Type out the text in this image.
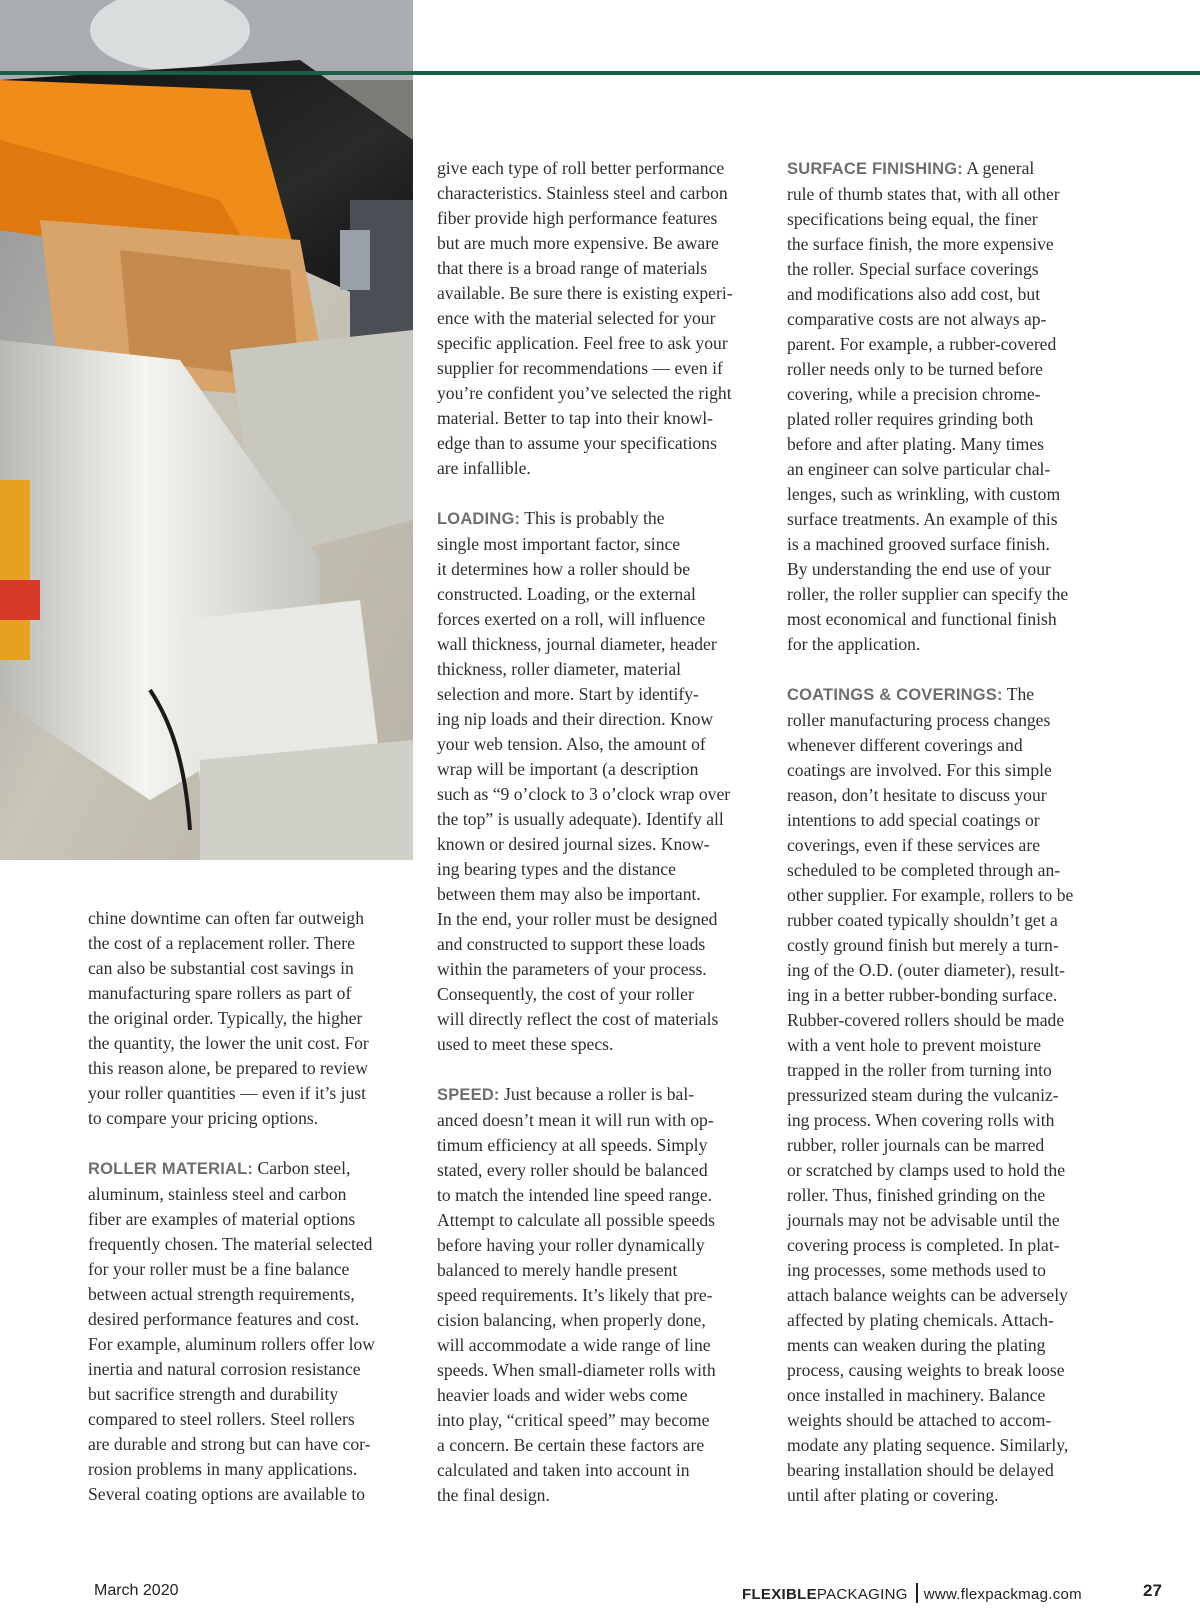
chine downtime can often far outweigh
the cost of a replacement roller. There
can also be substantial cost savings in
manufacturing spare rollers as part of
the original order. Typically, the higher
the quantity, the lower the unit cost. For
this reason alone, be prepared to review
your roller quantities — even if it’s just
to compare your pricing options.

ROLLER MATERIAL: Carbon steel,
aluminum, stainless steel and carbon
fiber are examples of material options
frequently chosen. The material selected
for your roller must be a fine balance
between actual strength requirements,
desired performance features and cost.
For example, aluminum rollers offer low
inertia and natural corrosion resistance
but sacrifice strength and durability
compared to steel rollers. Steel rollers
are durable and strong but can have cor-
rosion problems in many applications.
Several coating options are available to

give each type of roll better performance
characteristics. Stainless steel and carbon
fiber provide high performance features
but are much more expensive. Be aware
that there is a broad range of materials
available. Be sure there is existing experi-
ence with the material selected for your
specific application. Feel free to ask your
supplier for recommendations — even if
you’re confident you’ve selected the right
material. Better to tap into their knowl-
edge than to assume your specifications
are infallible.

LOADING: This is probably the
single most important factor, since
it determines how a roller should be
constructed. Loading, or the external
forces exerted on a roll, will influence
wall thickness, journal diameter, header
thickness, roller diameter, material
selection and more. Start by identify-
ing nip loads and their direction. Know
your web tension. Also, the amount of
wrap will be important (a description
such as “9 o’clock to 3 o’clock wrap over
the top” is usually adequate). Identify all
known or desired journal sizes. Know-
ing bearing types and the distance
between them may also be important.
In the end, your roller must be designed
and constructed to support these loads
within the parameters of your process.
Consequently, the cost of your roller
will directly reflect the cost of materials
used to meet these specs.

SPEED: Just because a roller is bal-
anced doesn’t mean it will run with op-
timum efficiency at all speeds. Simply
stated, every roller should be balanced
to match the intended line speed range.
Attempt to calculate all possible speeds
before having your roller dynamically
balanced to merely handle present
speed requirements. It’s likely that pre-
cision balancing, when properly done,
will accommodate a wide range of line
speeds. When small-diameter rolls with
heavier loads and wider webs come
into play, “critical speed” may become
a concern. Be certain these factors are
calculated and taken into account in
the final design.

SURFACE FINISHING: A general
rule of thumb states that, with all other
specifications being equal, the finer
the surface finish, the more expensive
the roller. Special surface coverings
and modifications also add cost, but
comparative costs are not always ap-
parent. For example, a rubber-covered
roller needs only to be turned before
covering, while a precision chrome-
plated roller requires grinding both
before and after plating. Many times
an engineer can solve particular chal-
lenges, such as wrinkling, with custom
surface treatments. An example of this
is a machined grooved surface finish.
By understanding the end use of your
roller, the roller supplier can specify the
most economical and functional finish
for the application.

COATINGS & COVERINGS: The
roller manufacturing process changes
whenever different coverings and
coatings are involved. For this simple
reason, don’t hesitate to discuss your
intentions to add special coatings or
coverings, even if these services are
scheduled to be completed through an-
other supplier. For example, rollers to be
rubber coated typically shouldn’t get a
costly ground finish but merely a turn-
ing of the O.D. (outer diameter), result-
ing in a better rubber-bonding surface.
Rubber-covered rollers should be made
with a vent hole to prevent moisture
trapped in the roller from turning into
pressurized steam during the vulcaniz-
ing process. When covering rolls with
rubber, roller journals can be marred
or scratched by clamps used to hold the
roller. Thus, finished grinding on the
journals may not be advisable until the
covering process is completed. In plat-
ing processes, some methods used to
attach balance weights can be adversely
affected by plating chemicals. Attach-
ments can weaken during the plating
process, causing weights to break loose
once installed in machinery. Balance
weights should be attached to accom-
modate any plating sequence. Similarly,
bearing installation should be delayed
until after plating or covering.

March 2020	FLEXIBLEPACKAGING www.flexpackmag.com	27
